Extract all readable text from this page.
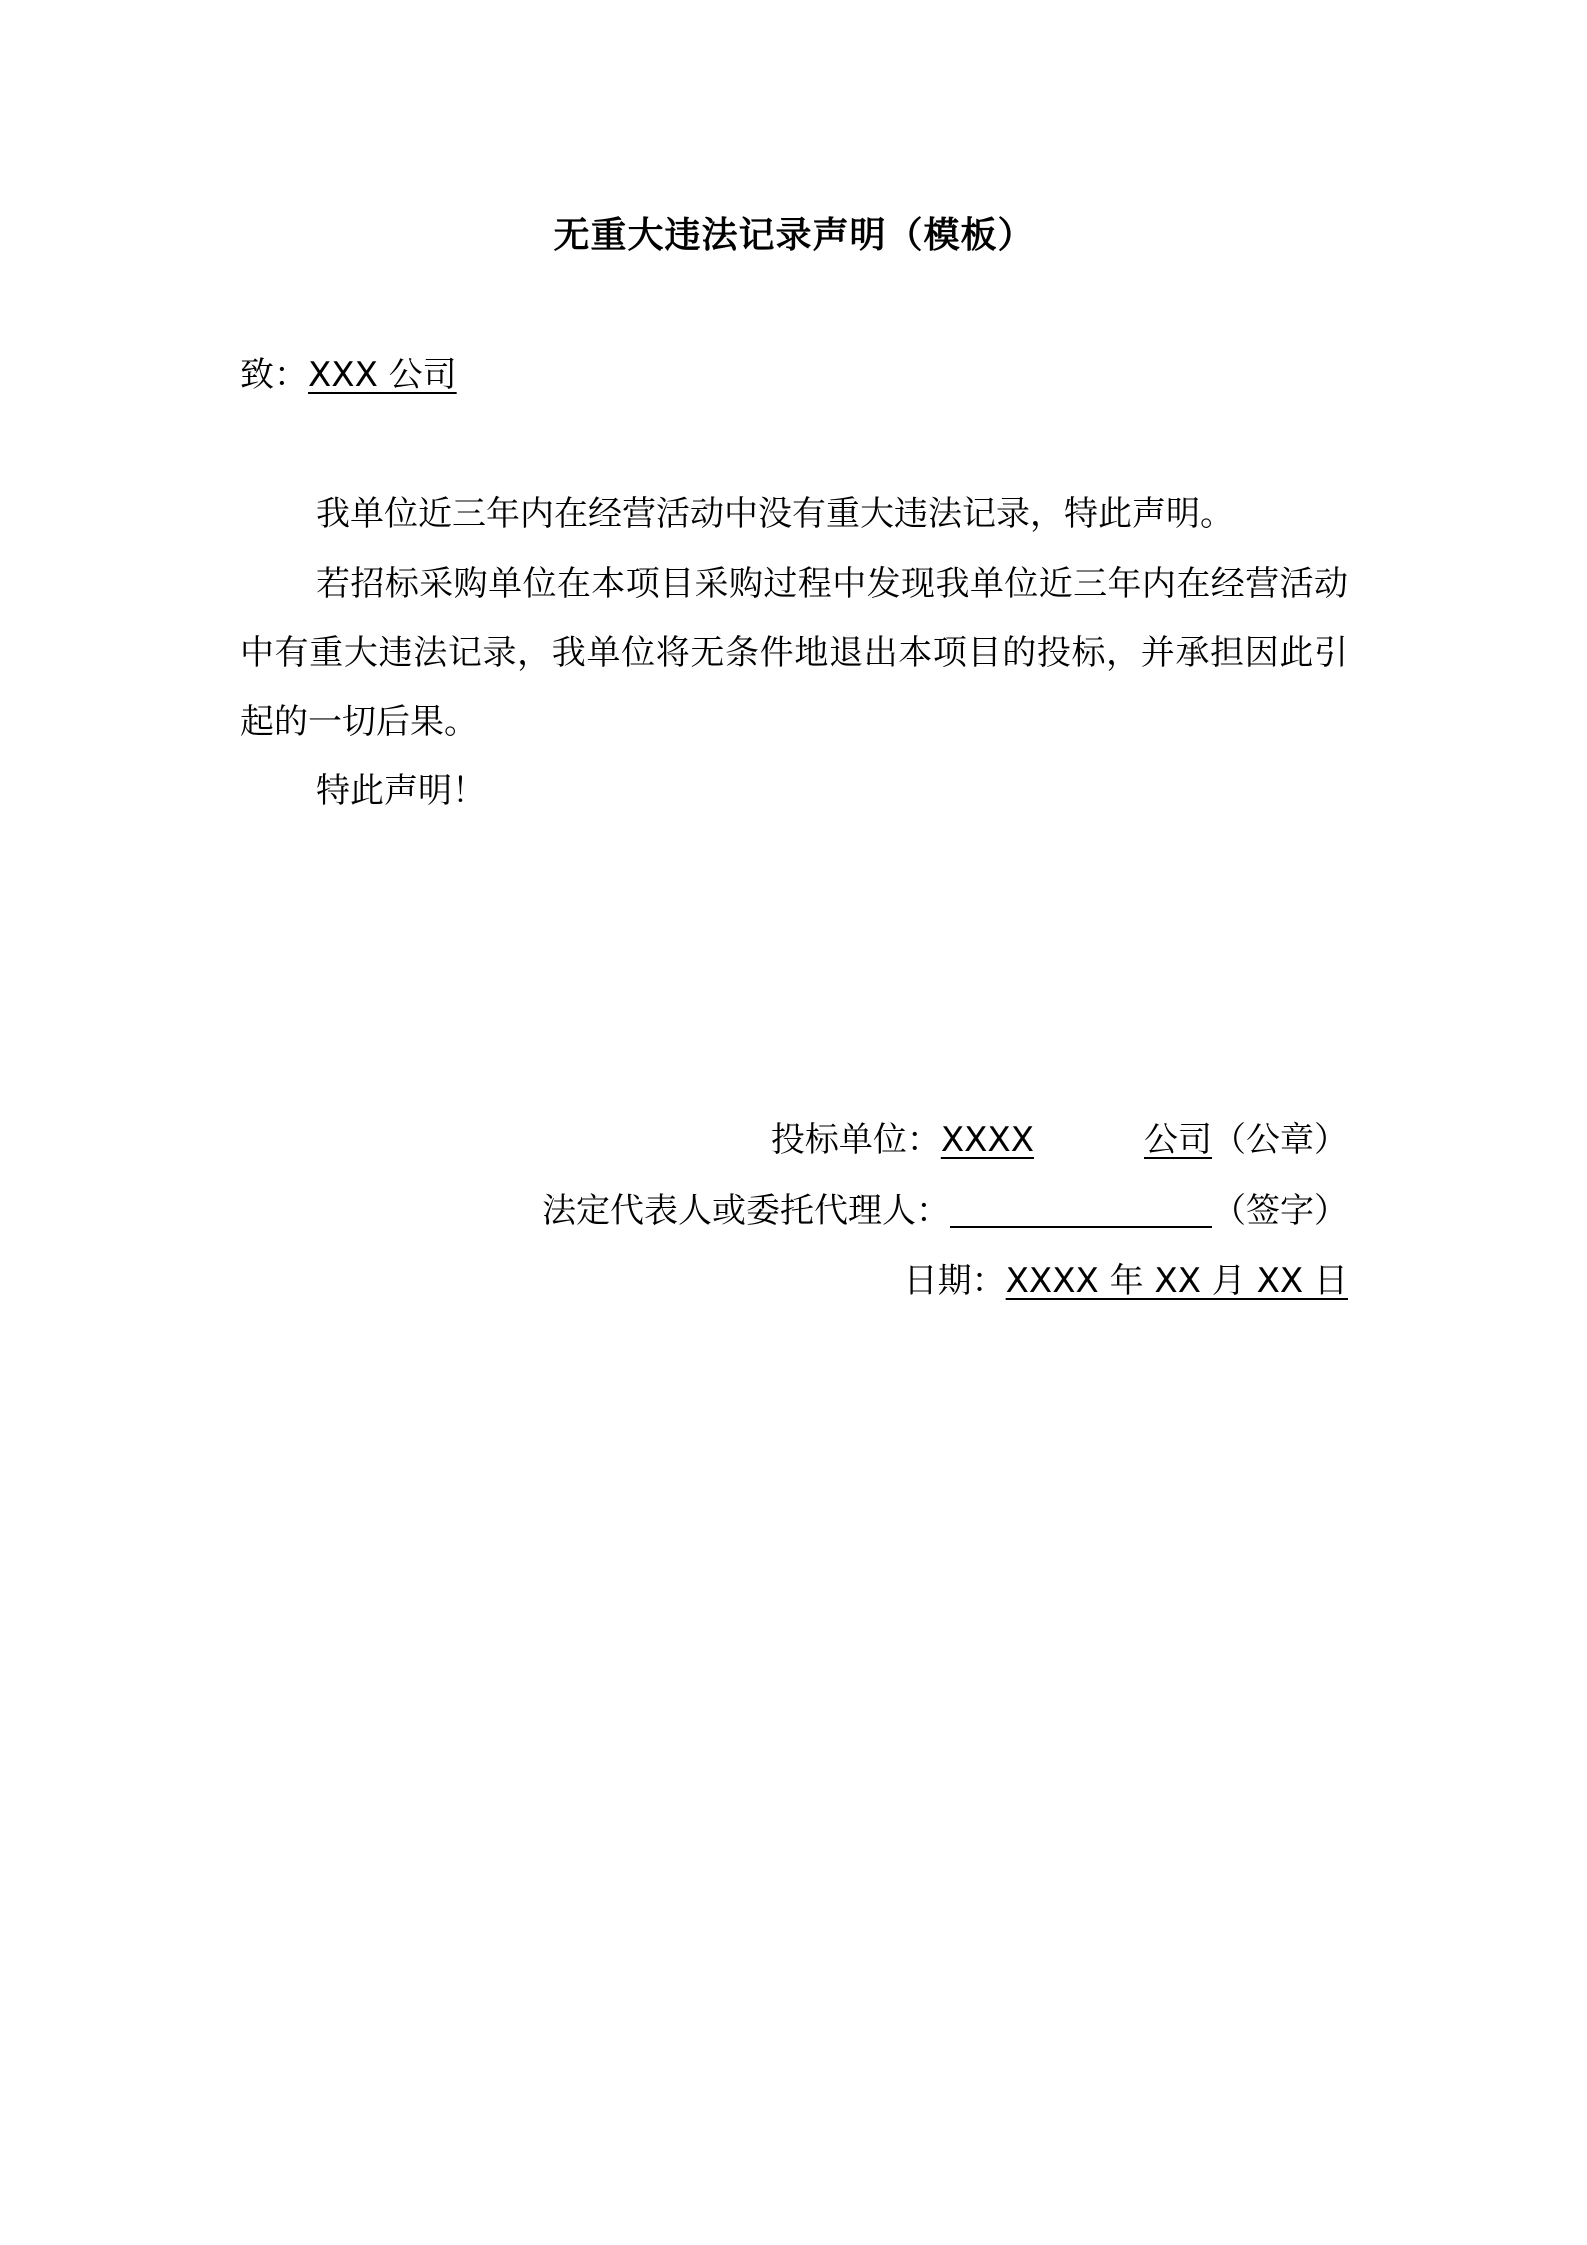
无重大违法记录声明（模板）
致：XXX 公司
我单位近三年内在经营活动中没有重大违法记录，特此声明。
若招标采购单位在本项目采购过程中发现我单位近三年内在经营活动中有重大违法记录，我单位将无条件地退出本项目的投标，并承担因此引起的一切后果。
特此声明！
投标单位：XXXX	公司（公章）
法定代表人或委托代理人：	（签字）
日期：XXXX 年 XX 月 XX 日
